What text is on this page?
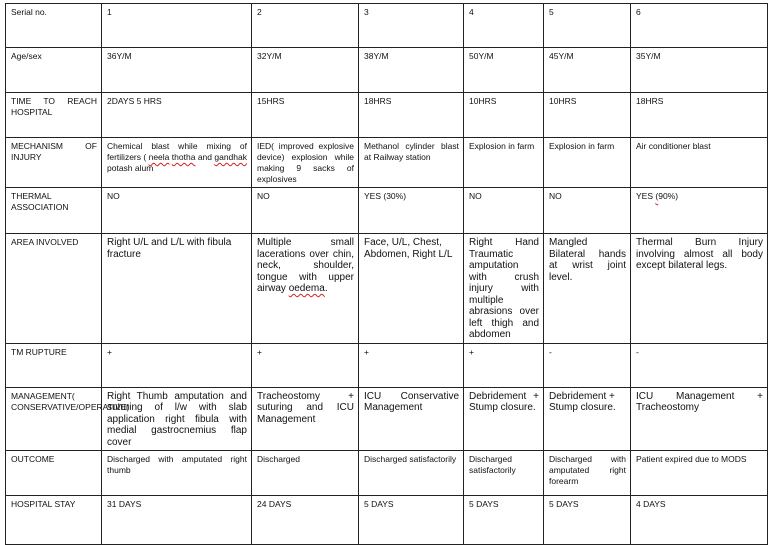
Serial no.	1	2	3	4	5	6
Age/sex	36Y/M	32Y/M	38Y/M	50Y/M	45Y/M	35Y/M
TIME TO REACH HOSPITAL	2DAYS 5 HRS	15HRS	18HRS	10HRS	10HRS	18HRS
MECHANISM OF INJURY	Chemical blast while mixing of fertilizers ( neela thotha and gandhak potash alum	IED( improved explosive device) explosion while making 9 sacks of explosives	Methanol cylinder blast at Railway station	Explosion in farm	Explosion in farm	Air conditioner blast
THERMAL ASSOCIATION	NO	NO	YES (30%)	NO	NO	YES (90%)
AREA INVOLVED	Right U/L and L/L with fibula fracture	Multiple small lacerations over chin, neck, shoulder, tongue with upper airway oedema.	Face, U/L, Chest, Abdomen, Right L/L	Right Hand Traumatic amputation with crush injury with multiple abrasions over left thigh and abdomen	Mangled Bilateral hands at wrist joint level.	Thermal Burn Injury involving almost all body except bilateral legs.
TM RUPTURE	+	+	+	+	-	-
MANAGEMENT( CONSERVATIVE/OPERATIVE)	Right Thumb amputation and suturing of l/w with slab application right fibula with medial gastrocnemius flap cover	Tracheostomy + suturing and ICU Management	ICU Conservative Management	Debridement + Stump closure.	Debridement + Stump closure.	ICU Management + Tracheostomy
OUTCOME	Discharged with amputated right thumb	Discharged	Discharged satisfactorily	Discharged satisfactorily	Discharged with amputated right forearm	Patient expired due to MODS
HOSPITAL STAY	31 DAYS	24 DAYS	5 DAYS	5 DAYS	5 DAYS	4 DAYS
